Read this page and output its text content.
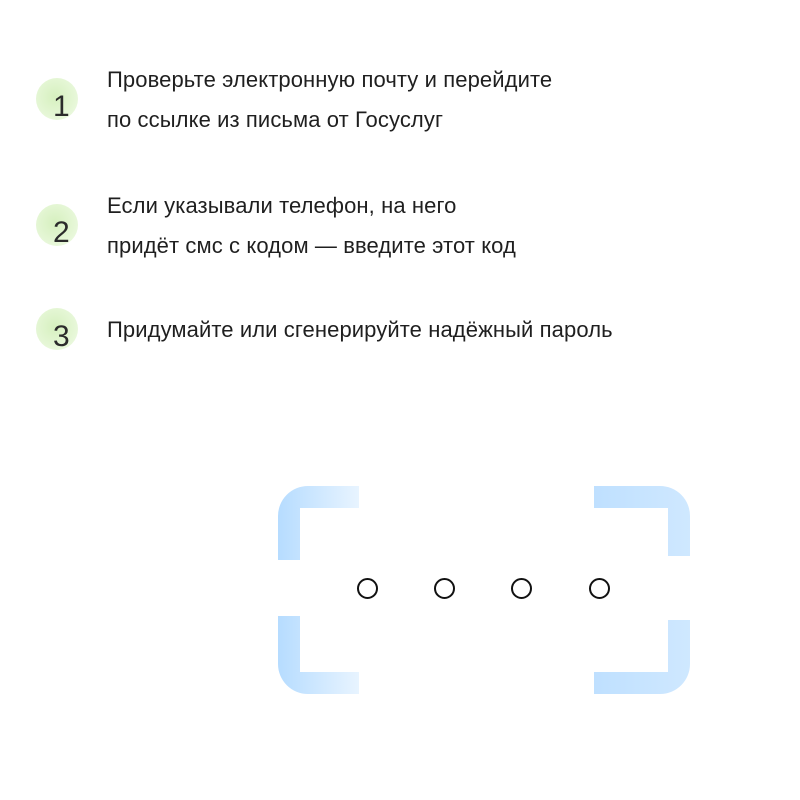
1
Проверьте электронную почту и перейдите
по ссылке из письма от Госуслуг
2
Если указывали телефон, на него
придёт смс с кодом — введите этот код
3 Придумайте или сгенерируйте надёжный пароль
